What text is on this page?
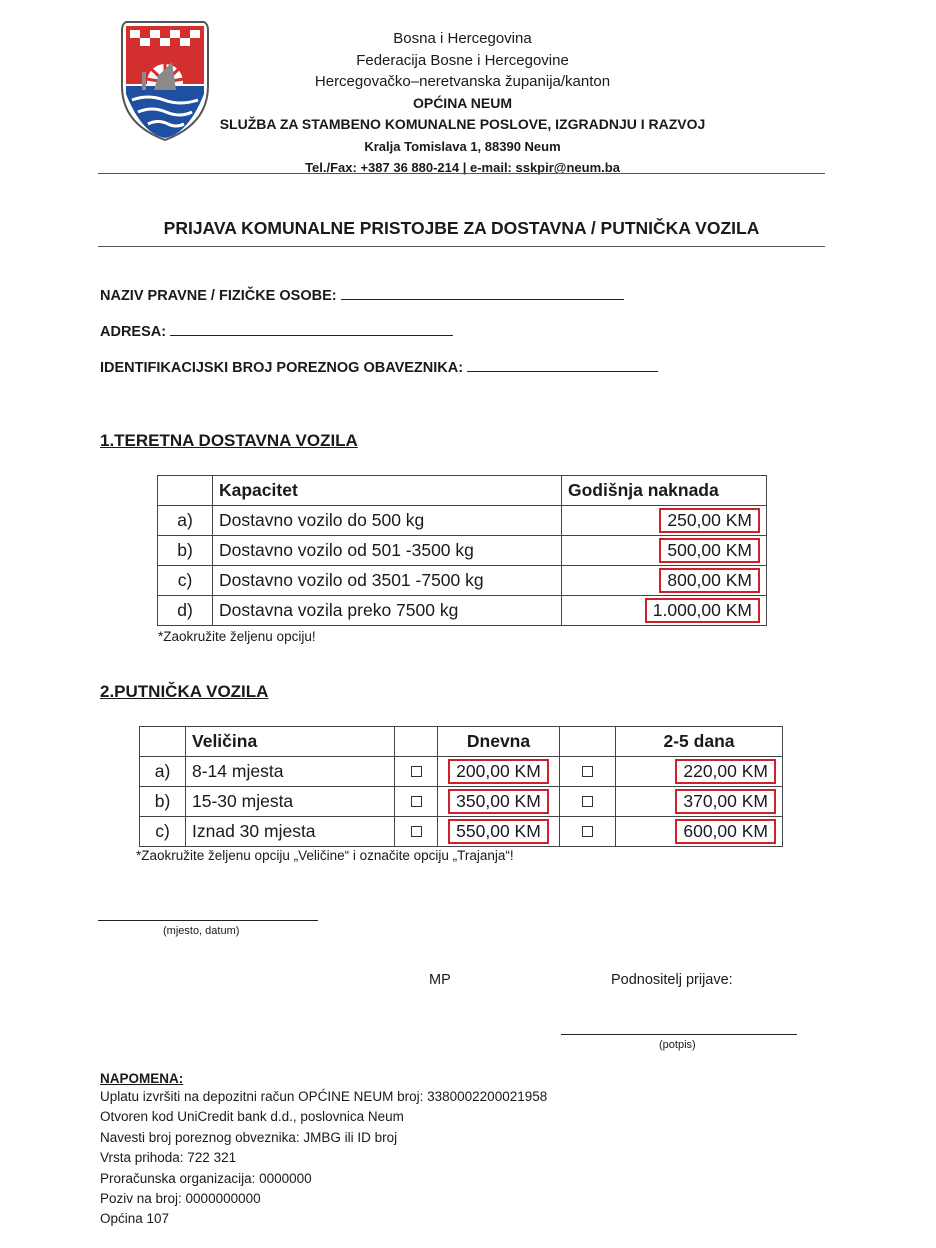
Bosna i Hercegovina
Federacija Bosne i Hercegovine
Hercegovačko–neretvanska županija/kanton
OPĆINA NEUM
SLUŽBA ZA STAMBENO KOMUNALNE POSLOVE, IZGRADNJU I RAZVOJ
Kralja Tomislava 1, 88390 Neum
Tel./Fax: +387 36 880-214 | e-mail: sskpir@neum.ba
PRIJAVA KOMUNALNE PRISTOJBE ZA DOSTAVNA / PUTNIČKA VOZILA
NAZIV PRAVNE / FIZIČKE OSOBE:
ADRESA:
IDENTIFIKACIJSKI BROJ POREZNOG OBAVEZNIKA:
1.TERETNA DOSTAVNA VOZILA
	Kapacitet	Godišnja naknada
a)	Dostavno vozilo do 500 kg	250,00 KM
b)	Dostavno vozilo od 501 -3500 kg	500,00 KM
c)	Dostavno vozilo od 3501 -7500 kg	800,00 KM
d)	Dostavna vozila preko 7500 kg	1.000,00 KM
*Zaokružite željenu opciju!
2.PUTNIČKA VOZILA
	Veličina		Dnevna		2-5 dana
a)	8-14 mjesta		200,00 KM		220,00 KM
b)	15-30 mjesta		350,00 KM		370,00 KM
c)	Iznad 30 mjesta		550,00 KM		600,00 KM
*Zaokružite željenu opciju „Veličine“ i označite opciju „Trajanja“!
(mjesto, datum)
MP	Podnositelj prijave:
(potpis)
NAPOMENA:
Uplatu izvršiti na depozitni račun OPĆINE NEUM broj: 3380002200021958
Otvoren kod UniCredit bank d.d., poslovnica Neum
Navesti broj poreznog obveznika: JMBG ili ID broj
Vrsta prihoda: 722 321
Proračunska organizacija: 0000000
Poziv na broj: 0000000000
Općina 107
